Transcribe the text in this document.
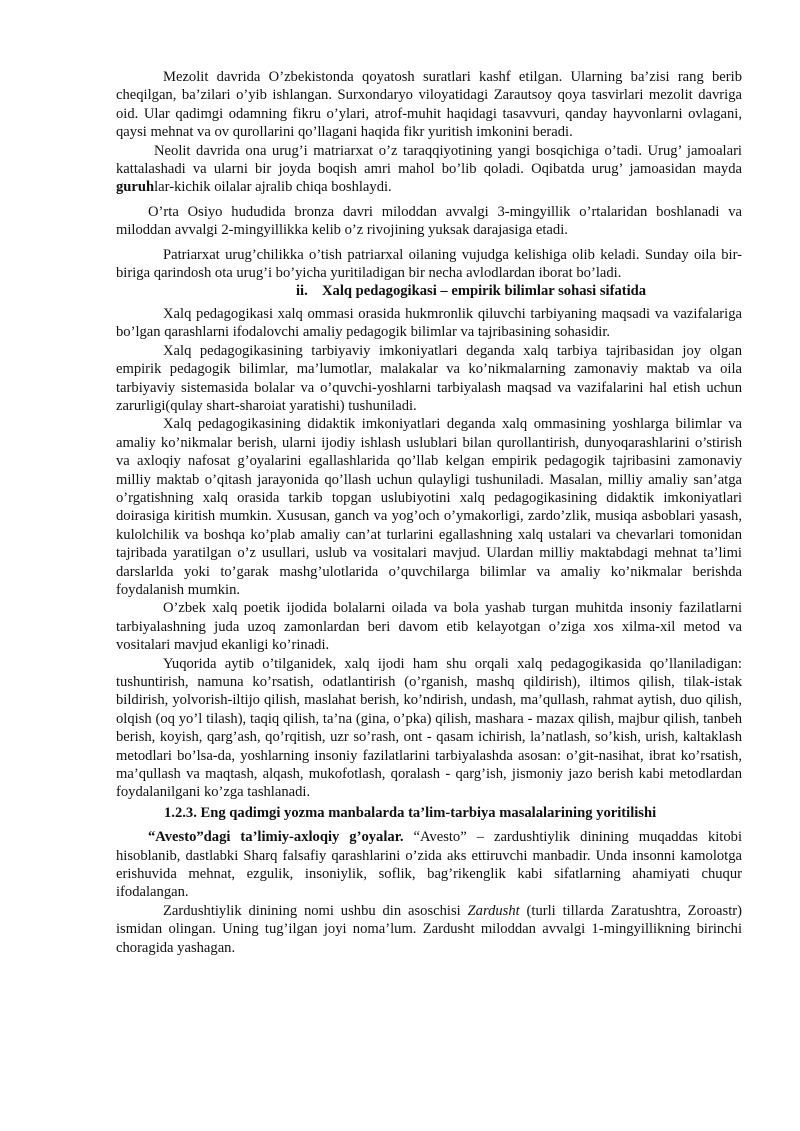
Mezolit davrida O’zbekistonda qoyatosh suratlari kashf etilgan. Ularning ba’zisi rang berib cheqilgan, ba’zilari o’yib ishlangan. Surxondaryo viloyatidagi Zarautsoy qoya tasvirlari mezolit davriga oid. Ular qadimgi odamning fikru o’ylari, atrof-muhit haqidagi tasavvuri, qanday hayvonlarni ovlagani, qaysi mehnat va ov qurollarini qo’llagani haqida fikr yuritish imkonini beradi.

Neolit davrida ona urug’i matriarxat o’z taraqqiyotining yangi bosqichiga o’tadi. Urug’ jamoalari kattalashadi va ularni bir joyda boqish amri mahol bo’lib qoladi. Oqibatda urug’ jamoasidan mayda guruhlar-kichik oilalar ajralib chiqa boshlaydi.

O’rta Osiyo hududida bronza davri miloddan avvalgi 3-mingyillik o’rtalaridan boshlanadi va miloddan avvalgi 2-mingyillikka kelib o’z rivojining yuksak darajasiga etadi.

Patriarxat urug’chilikka o’tish patriarxal oilaning vujudga kelishiga olib keladi. Sunday oila bir-biriga qarindosh ota urug’i bo’yicha yuritiladigan bir necha avlodlardan iborat bo’ladi.

ii. Xalq pedagogikasi – empirik bilimlar sohasi sifatida

Xalq pedagogikasi xalq ommasi orasida hukmronlik qiluvchi tarbiyaning maqsadi va vazifalariga bo’lgan qarashlarni ifodalovchi amaliy pedagogik bilimlar va tajribasining sohasidir.

Xalq pedagogikasining tarbiyaviy imkoniyatlari deganda xalq tarbiya tajribasidan joy olgan empirik pedagogik bilimlar, ma’lumotlar, malakalar va ko’nikmalarning zamonaviy maktab va oila tarbiyaviy sistemasida bolalar va o’quvchi-yoshlarni tarbiyalash maqsad va vazifalarini hal etish uchun zarurligi(qulay shart-sharoiat yaratishi) tushuniladi.

Xalq pedagogikasining didaktik imkoniyatlari deganda xalq ommasining yoshlarga bilimlar va amaliy ko’nikmalar berish, ularni ijodiy ishlash uslublari bilan qurollantirish, dunyoqarashlarini o’stirish va axloqiy nafosat g’oyalarini egallashlarida qo’llab kelgan empirik pedagogik tajribasini zamonaviy milliy maktab o’qitash jarayonida qo’llash uchun qulayligi tushuniladi. Masalan, milliy amaliy san’atga o’rgatishning xalq orasida tarkib topgan uslubiyotini xalq pedagogikasining didaktik imkoniyatlari doirasiga kiritish mumkin. Xususan, ganch va yog’och o’ymakorligi, zardo’zlik, musiqa asboblari yasash, kulolchilik va boshqa ko’plab amaliy can’at turlarini egallashning xalq ustalari va chevarlari tomonidan tajribada yaratilgan o’z usullari, uslub va vositalari mavjud. Ulardan milliy maktabdagi mehnat ta’limi darslarlda yoki to’garak mashg’ulotlarida o’quvchilarga bilimlar va amaliy ko’nikmalar berishda foydalanish mumkin.

O’zbek xalq poetik ijodida bolalarni oilada va bola yashab turgan muhitda insoniy fazilatlarni tarbiyalashning juda uzoq zamonlardan beri davom etib kelayotgan o’ziga xos xilma-xil metod va vositalari mavjud ekanligi ko’rinadi.

Yuqorida aytib o’tilganidek, xalq ijodi ham shu orqali xalq pedagogikasida qo’llaniladigan: tushuntirish, namuna ko’rsatish, odatlantirish (o’rganish, mashq qildirish), iltimos qilish, tilak-istak bildirish, yolvorish-iltijo qilish, maslahat berish, ko’ndirish, undash, ma’qullash, rahmat aytish, duo qilish, olqish (oq yo’l tilash), taqiq qilish, ta’na (gina, o’pka) qilish, mashara - mazax qilish, majbur qilish, tanbeh berish, koyish, qarg’ash, qo’rqitish, uzr so’rash, ont - qasam ichirish, la’natlash, so’kish, urish, kaltaklash metodlari bo’lsa-da, yoshlarning insoniy fazilatlarini tarbiyalashda asosan: o’git-nasihat, ibrat ko’rsatish, ma’qullash va maqtash, alqash, mukofotlash, qoralash - qarg’ish, jismoniy jazo berish kabi metodlardan foydalanilgani ko’zga tashlanadi.

1.2.3. Eng qadimgi yozma manbalarda ta’lim-tarbiya masalalarining yoritilishi

“Avesto”dagi ta’limiy-axloqiy g’oyalar. “Avesto” – zardushtiylik dinining muqaddas kitobi hisoblanib, dastlabki Sharq falsafiy qarashlarini o’zida aks ettiruvchi manbadir. Unda insonni kamolotga erishuvida mehnat, ezgulik, insoniylik, soflik, bag’rikenglik kabi sifatlarning ahamiyati chuqur ifodalangan.

Zardushtiylik dinining nomi ushbu din asoschisi Zardusht (turli tillarda Zaratushtra, Zoroastr) ismidan olingan. Uning tug’ilgan joyi noma’lum. Zardusht miloddan avvalgi 1-mingyillikning birinchi choragida yashagan.
